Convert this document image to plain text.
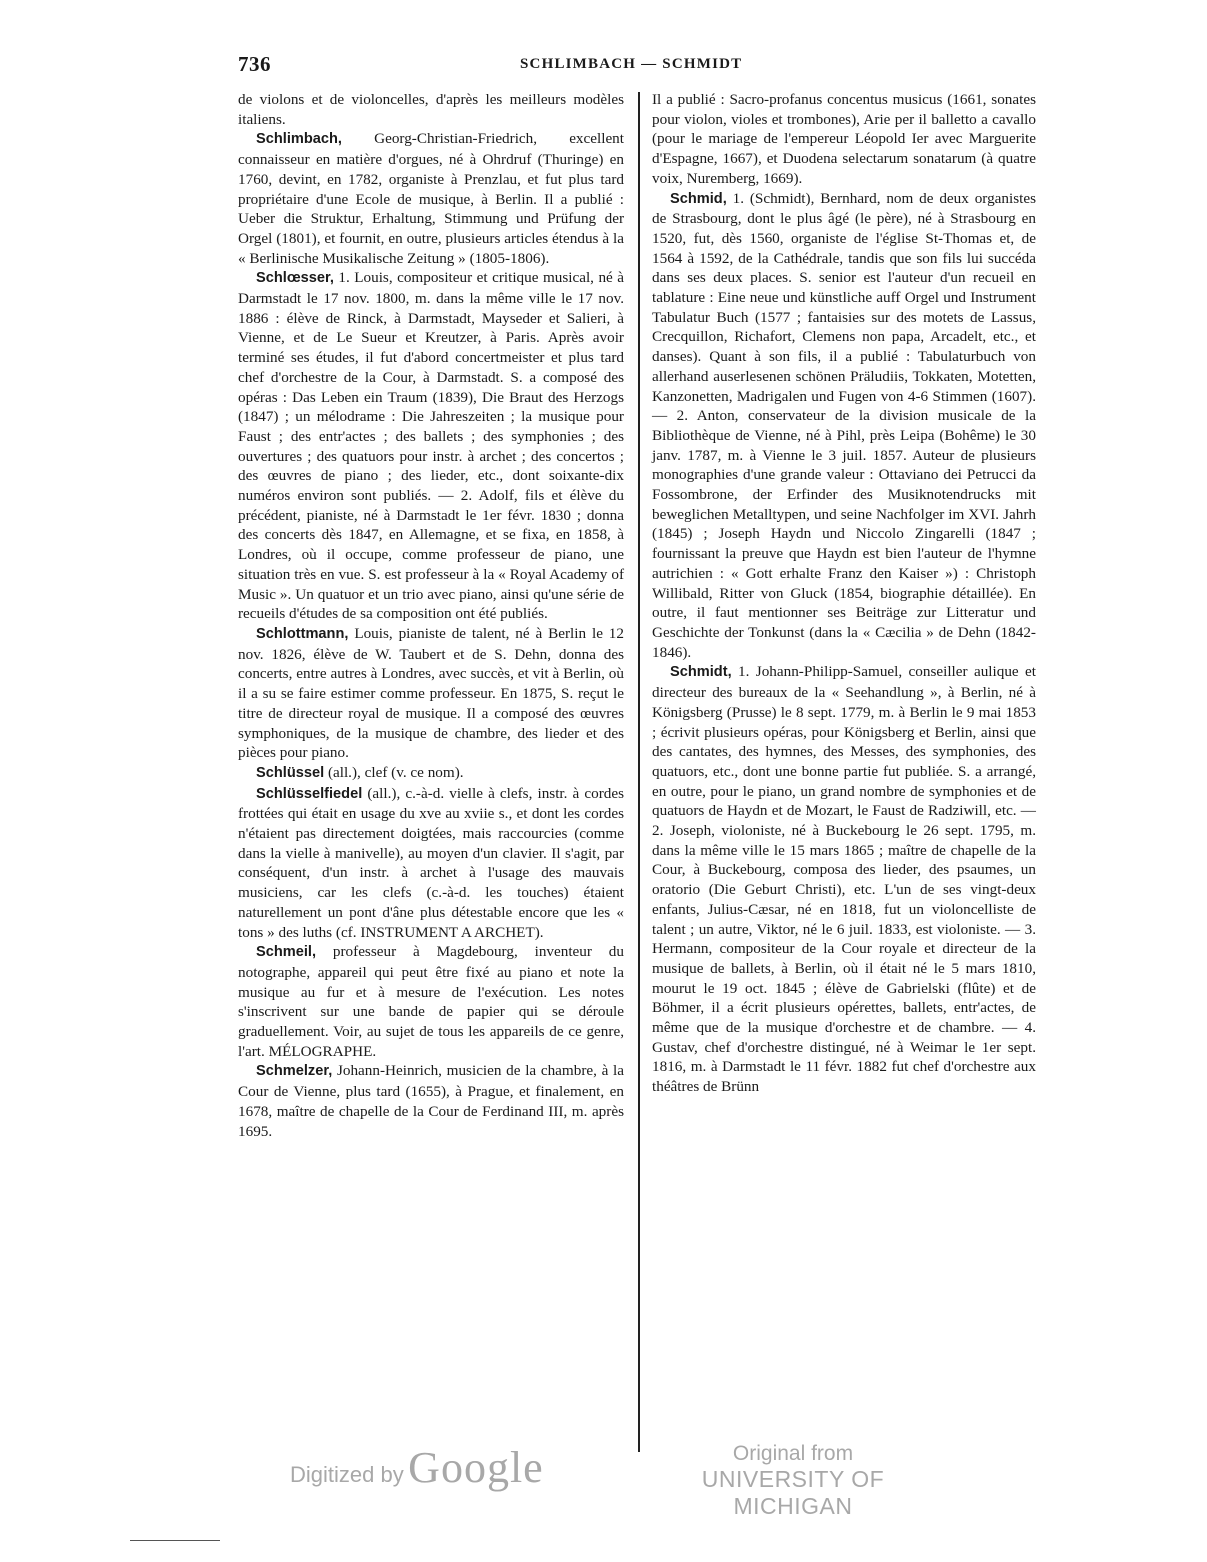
736	SCHLIMBACH — SCHMIDT

de violons et de violoncelles, d'après les meilleurs modèles italiens.

Schlimbach, Georg-Christian-Friedrich, excellent connaisseur en matière d'orgues, né à Ohrdruf (Thuringe) en 1760, devint, en 1782, organiste à Prenzlau, et fut plus tard propriétaire d'une Ecole de musique, à Berlin. Il a publié : Ueber die Struktur, Erhaltung, Stimmung und Prüfung der Orgel (1801), et fournit, en outre, plusieurs articles étendus à la « Berlinische Musikalische Zeitung » (1805-1806).

Schlœsser, 1. Louis, compositeur et critique musical, né à Darmstadt le 17 nov. 1800, m. dans la même ville le 17 nov. 1886 : élève de Rinck, à Darmstadt, Mayseder et Salieri, à Vienne, et de Le Sueur et Kreutzer, à Paris. Après avoir terminé ses études, il fut d'abord concertmeister et plus tard chef d'orchestre de la Cour, à Darmstadt. S. a composé des opéras : Das Leben ein Traum (1839), Die Braut des Herzogs (1847) ; un mélodrame : Die Jahreszeiten ; la musique pour Faust ; des entr'actes ; des ballets ; des symphonies ; des ouvertures ; des quatuors pour instr. à archet ; des concertos ; des œuvres de piano ; des lieder, etc., dont soixante-dix numéros environ sont publiés. — 2. Adolf, fils et élève du précédent, pianiste, né à Darmstadt le 1er févr. 1830 ; donna des concerts dès 1847, en Allemagne, et se fixa, en 1858, à Londres, où il occupe, comme professeur de piano, une situation très en vue. S. est professeur à la « Royal Academy of Music ». Un quatuor et un trio avec piano, ainsi qu'une série de recueils d'études de sa composition ont été publiés.

Schlottmann, Louis, pianiste de talent, né à Berlin le 12 nov. 1826, élève de W. Taubert et de S. Dehn, donna des concerts, entre autres à Londres, avec succès, et vit à Berlin, où il a su se faire estimer comme professeur. En 1875, S. reçut le titre de directeur royal de musique. Il a composé des œuvres symphoniques, de la musique de chambre, des lieder et des pièces pour piano.

Schlüssel (all.), clef (v. ce nom).

Schlüsselfiedel (all.), c.-à-d. vielle à clefs, instr. à cordes frottées qui était en usage du xve au xviie s., et dont les cordes n'étaient pas directement doigtées, mais raccourcies (comme dans la vielle à manivelle), au moyen d'un clavier. Il s'agit, par conséquent, d'un instr. à archet à l'usage des mauvais musiciens, car les clefs (c.-à-d. les touches) étaient naturellement un pont d'âne plus détestable encore que les « tons » des luths (cf. INSTRUMENT A ARCHET).

Schmeil, professeur à Magdebourg, inventeur du notographe, appareil qui peut être fixé au piano et note la musique au fur et à mesure de l'exécution. Les notes s'inscrivent sur une bande de papier qui se déroule graduellement. Voir, au sujet de tous les appareils de ce genre, l'art. MÉLOGRAPHE.

Schmelzer, Johann-Heinrich, musicien de la chambre, à la Cour de Vienne, plus tard (1655), à Prague, et finalement, en 1678, maître de chapelle de la Cour de Ferdinand III, m. après 1695.

Il a publié : Sacro-profanus concentus musicus (1661, sonates pour violon, violes et trombones), Arie per il balletto a cavallo (pour le mariage de l'empereur Léopold Ier avec Marguerite d'Espagne, 1667), et Duodena selectarum sonatarum (à quatre voix, Nuremberg, 1669).

Schmid, 1. (Schmidt), Bernhard, nom de deux organistes de Strasbourg, dont le plus âgé (le père), né à Strasbourg en 1520, fut, dès 1560, organiste de l'église St-Thomas et, de 1564 à 1592, de la Cathédrale, tandis que son fils lui succéda dans ses deux places. S. senior est l'auteur d'un recueil en tablature : Eine neue und künstliche auff Orgel und Instrument Tabulatur Buch (1577 ; fantaisies sur des motets de Lassus, Crecquillon, Richafort, Clemens non papa, Arcadelt, etc., et danses). Quant à son fils, il a publié : Tabulaturbuch von allerhand auserlesenen schönen Präludiis, Tokkaten, Motetten, Kanzonetten, Madrigalen und Fugen von 4-6 Stimmen (1607). — 2. Anton, conservateur de la division musicale de la Bibliothèque de Vienne, né à Pihl, près Leipa (Bohême) le 30 janv. 1787, m. à Vienne le 3 juil. 1857. Auteur de plusieurs monographies d'une grande valeur : Ottaviano dei Petrucci da Fossombrone, der Erfinder des Musiknotendrucks mit beweglichen Metalltypen, und seine Nachfolger im XVI. Jahrh (1845) ; Joseph Haydn und Niccolo Zingarelli (1847 ; fournissant la preuve que Haydn est bien l'auteur de l'hymne autrichien : « Gott erhalte Franz den Kaiser ») : Christoph Willibald, Ritter von Gluck (1854, biographie détaillée). En outre, il faut mentionner ses Beiträge zur Litteratur und Geschichte der Tonkunst (dans la « Cæcilia » de Dehn (1842-1846).

Schmidt, 1. Johann-Philipp-Samuel, conseiller aulique et directeur des bureaux de la « Seehandlung », à Berlin, né à Königsberg (Prusse) le 8 sept. 1779, m. à Berlin le 9 mai 1853 ; écrivit plusieurs opéras, pour Königsberg et Berlin, ainsi que des cantates, des hymnes, des Messes, des symphonies, des quatuors, etc., dont une bonne partie fut publiée. S. a arrangé, en outre, pour le piano, un grand nombre de symphonies et de quatuors de Haydn et de Mozart, le Faust de Radziwill, etc. — 2. Joseph, violoniste, né à Buckebourg le 26 sept. 1795, m. dans la même ville le 15 mars 1865 ; maître de chapelle de la Cour, à Buckebourg, composa des lieder, des psaumes, un oratorio (Die Geburt Christi), etc. L'un de ses vingt-deux enfants, Julius-Cæsar, né en 1818, fut un violoncelliste de talent ; un autre, Viktor, né le 6 juil. 1833, est violoniste. — 3. Hermann, compositeur de la Cour royale et directeur de la musique de ballets, à Berlin, où il était né le 5 mars 1810, mourut le 19 oct. 1845 ; élève de Gabrielski (flûte) et de Böhmer, il a écrit plusieurs opérettes, ballets, entr'actes, de même que de la musique d'orchestre et de chambre. — 4. Gustav, chef d'orchestre distingué, né à Weimar le 1er sept. 1816, m. à Darmstadt le 11 févr. 1882 fut chef d'orchestre aux théâtres de Brünn

Digitized by Google	Original from
UNIVERSITY OF MICHIGAN
